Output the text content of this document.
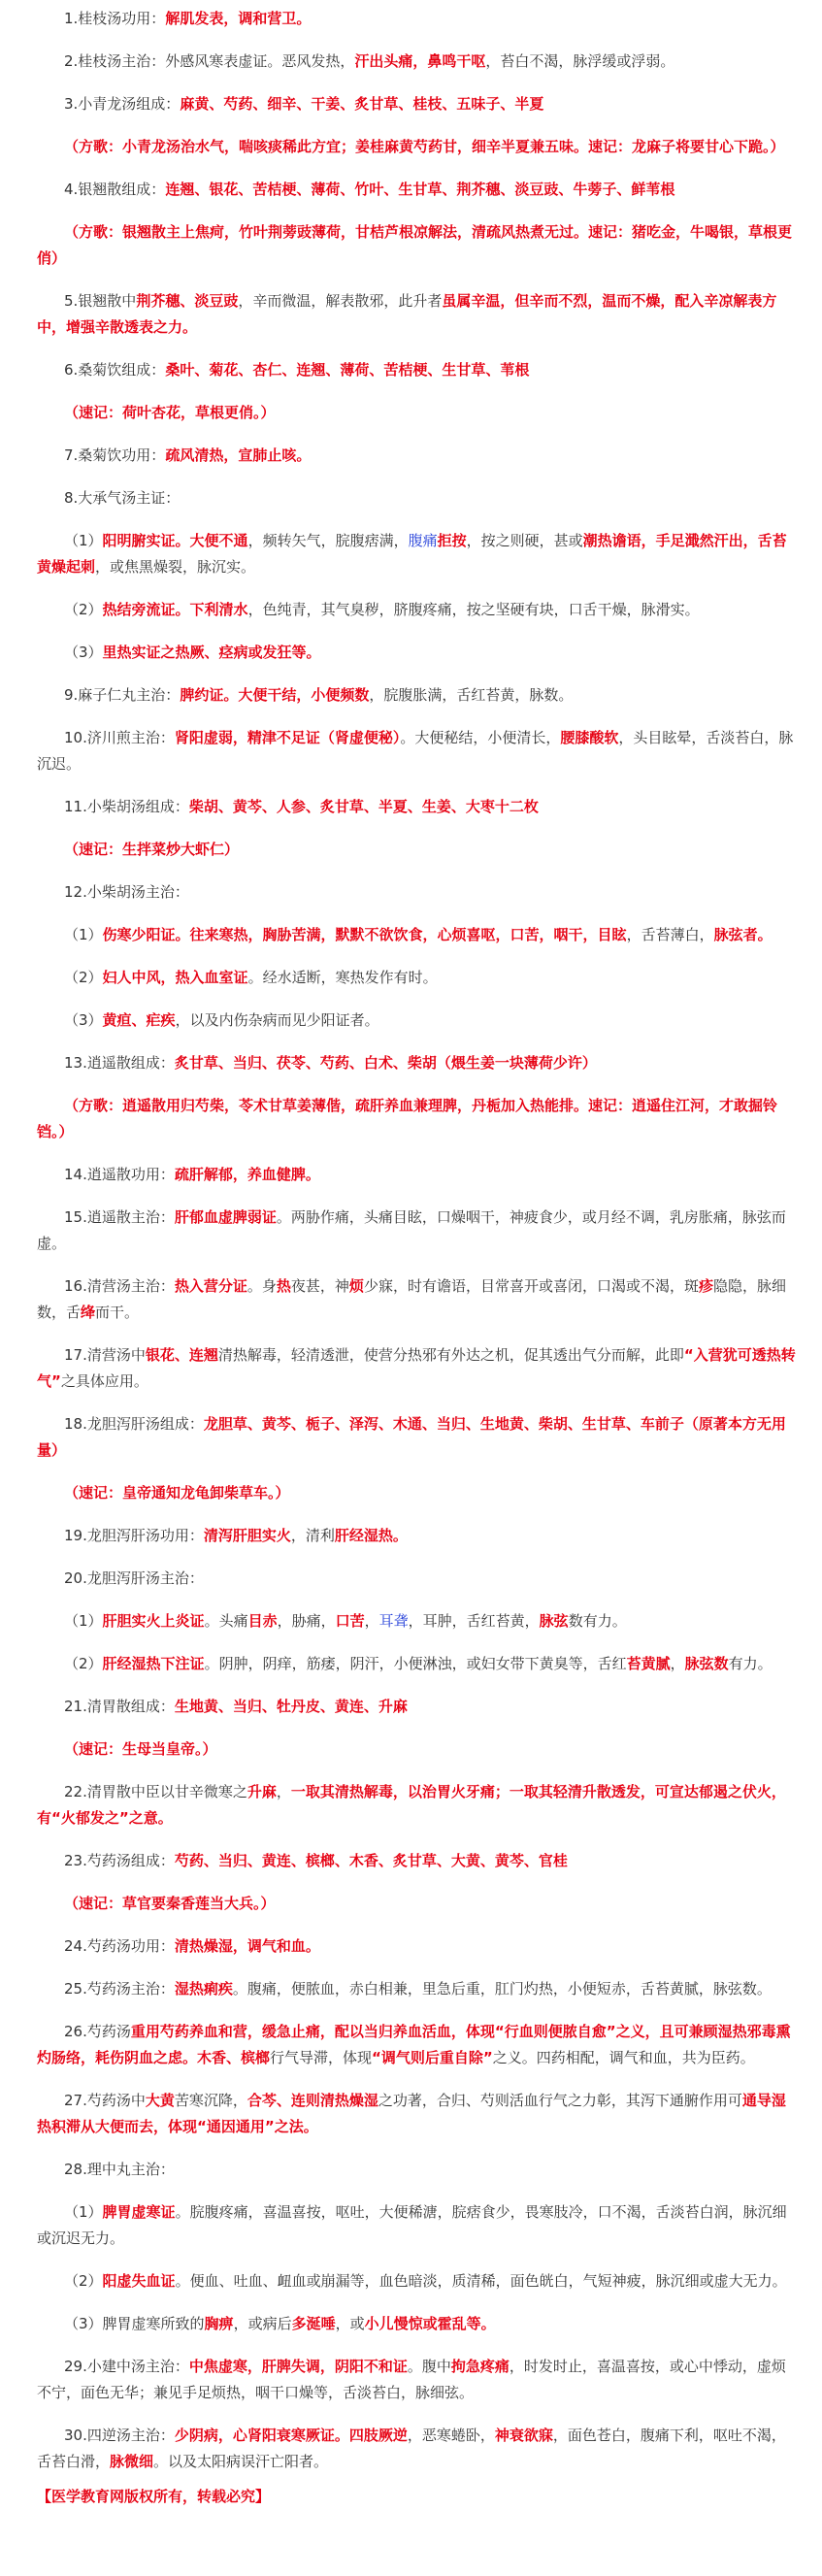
1.桂枝汤功用：解肌发表，调和营卫。

2.桂枝汤主治：外感风寒表虚证。恶风发热，汗出头痛，鼻鸣干呕，苔白不渴，脉浮缓或浮弱。

3.小青龙汤组成：麻黄、芍药、细辛、干姜、炙甘草、桂枝、五味子、半夏

（方歌：小青龙汤治水气，喘咳痰稀此方宜；姜桂麻黄芍药甘，细辛半夏兼五味。速记：龙麻子将要甘心下跪。）

4.银翘散组成：连翘、银花、苦桔梗、薄荷、竹叶、生甘草、荆芥穗、淡豆豉、牛蒡子、鲜苇根

（方歌：银翘散主上焦疴，竹叶荆蒡豉薄荷，甘桔芦根凉解法，清疏风热煮无过。速记：猪吃金，牛喝银，草根更俏）

5.银翘散中荆芥穗、淡豆豉，辛而微温，解表散邪，此升者虽属辛温，但辛而不烈，温而不燥，配入辛凉解表方中，增强辛散透表之力。

6.桑菊饮组成：桑叶、菊花、杏仁、连翘、薄荷、苦桔梗、生甘草、苇根

（速记：荷叶杏花，草根更俏。）

7.桑菊饮功用：疏风清热，宣肺止咳。

8.大承气汤主证：

（1）阳明腑实证。大便不通，频转矢气，脘腹痞满，腹痛拒按，按之则硬，甚或潮热谵语，手足濈然汗出，舌苔黄燥起刺，或焦黑燥裂，脉沉实。

（2）热结旁流证。下利清水，色纯青，其气臭秽，脐腹疼痛，按之坚硬有块，口舌干燥，脉滑实。

（3）里热实证之热厥、痉病或发狂等。

9.麻子仁丸主治：脾约证。大便干结，小便频数，脘腹胀满，舌红苔黄，脉数。

10.济川煎主治：肾阳虚弱，精津不足证（肾虚便秘）。大便秘结，小便清长，腰膝酸软，头目眩晕，舌淡苔白，脉沉迟。

11.小柴胡汤组成：柴胡、黄芩、人参、炙甘草、半夏、生姜、大枣十二枚

（速记：生拌菜炒大虾仁）

12.小柴胡汤主治：

（1）伤寒少阳证。往来寒热，胸胁苦满，默默不欲饮食，心烦喜呕，口苦，咽干，目眩，舌苔薄白，脉弦者。

（2）妇人中风，热入血室证。经水适断，寒热发作有时。

（3）黄疸、疟疾，以及内伤杂病而见少阳证者。

13.逍遥散组成：炙甘草、当归、茯苓、芍药、白术、柴胡（煨生姜一块薄荷少许）

（方歌：逍遥散用归芍柴，苓术甘草姜薄偕，疏肝养血兼理脾，丹栀加入热能排。速记：逍遥住江河，才敢掘铃铛。）

14.逍遥散功用：疏肝解郁，养血健脾。

15.逍遥散主治：肝郁血虚脾弱证。两胁作痛，头痛目眩，口燥咽干，神疲食少，或月经不调，乳房胀痛，脉弦而虚。

16.清营汤主治：热入营分证。身热夜甚，神烦少寐，时有谵语，目常喜开或喜闭，口渴或不渴，斑疹隐隐，脉细数，舌绛而干。

17.清营汤中银花、连翘清热解毒，轻清透泄，使营分热邪有外达之机，促其透出气分而解，此即“入营犹可透热转气”之具体应用。

18.龙胆泻肝汤组成：龙胆草、黄芩、栀子、泽泻、木通、当归、生地黄、柴胡、生甘草、车前子（原著本方无用量）

（速记：皇帝通知龙龟卸柴草车。）

19.龙胆泻肝汤功用：清泻肝胆实火，清利肝经湿热。

20.龙胆泻肝汤主治：

（1）肝胆实火上炎证。头痛目赤，胁痛，口苦，耳聋，耳肿，舌红苔黄，脉弦数有力。

（2）肝经湿热下注证。阴肿，阴痒，筋痿，阴汗，小便淋浊，或妇女带下黄臭等，舌红苔黄腻，脉弦数有力。

21.清胃散组成：生地黄、当归、牡丹皮、黄连、升麻

（速记：生母当皇帝。）

22.清胃散中臣以甘辛微寒之升麻，一取其清热解毒，以治胃火牙痛；一取其轻清升散透发，可宣达郁遏之伏火，有“火郁发之”之意。

23.芍药汤组成：芍药、当归、黄连、槟榔、木香、炙甘草、大黄、黄芩、官桂

（速记：草官要秦香莲当大兵。）

24.芍药汤功用：清热燥湿，调气和血。

25.芍药汤主治：湿热痢疾。腹痛，便脓血，赤白相兼，里急后重，肛门灼热，小便短赤，舌苔黄腻，脉弦数。

26.芍药汤重用芍药养血和营，缓急止痛，配以当归养血活血，体现“行血则便脓自愈”之义，且可兼顾湿热邪毒熏灼肠络，耗伤阴血之虑。木香、槟榔行气导滞，体现“调气则后重自除”之义。四药相配，调气和血，共为臣药。

27.芍药汤中大黄苦寒沉降，合芩、连则清热燥湿之功著，合归、芍则活血行气之力彰，其泻下通腑作用可通导湿热积滞从大便而去，体现“通因通用”之法。

28.理中丸主治：

（1）脾胃虚寒证。脘腹疼痛，喜温喜按，呕吐，大便稀溏，脘痞食少，畏寒肢冷，口不渴，舌淡苔白润，脉沉细或沉迟无力。

（2）阳虚失血证。便血、吐血、衄血或崩漏等，血色暗淡，质清稀，面色㿠白，气短神疲，脉沉细或虚大无力。

（3）脾胃虚寒所致的胸痹，或病后多涎唾，或小儿慢惊或霍乱等。

29.小建中汤主治：中焦虚寒，肝脾失调，阴阳不和证。腹中拘急疼痛，时发时止，喜温喜按，或心中悸动，虚烦不宁，面色无华；兼见手足烦热，咽干口燥等，舌淡苔白，脉细弦。

30.四逆汤主治：少阴病，心肾阳衰寒厥证。四肢厥逆，恶寒蜷卧，神衰欲寐，面色苍白，腹痛下利，呕吐不渴，舌苔白滑，脉微细。以及太阳病误汗亡阳者。

【医学教育网版权所有，转载必究】
